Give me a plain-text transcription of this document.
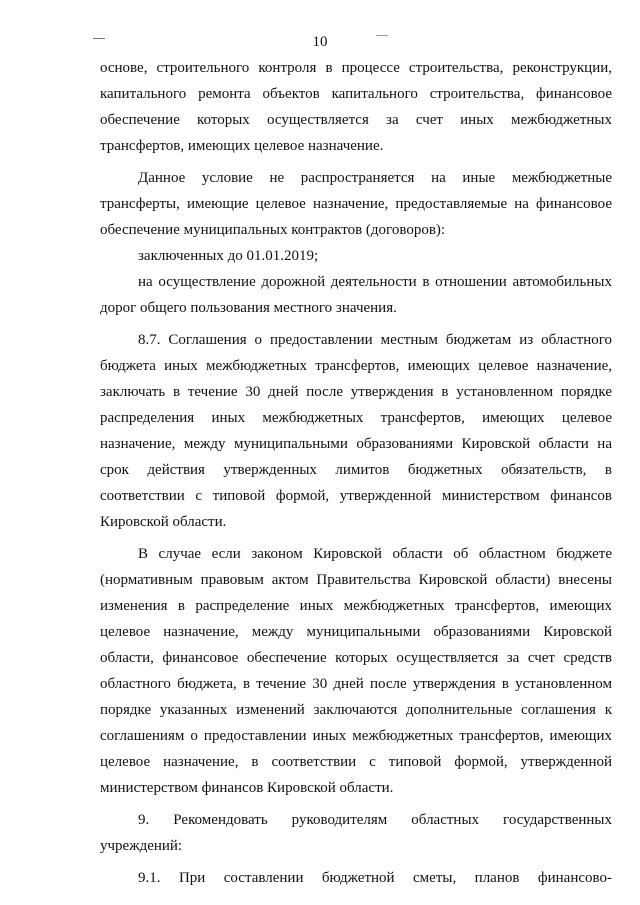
10

основе, строительного контроля в процессе строительства, реконструкции, капитального ремонта объектов капитального строительства, финансовое обеспечение которых осуществляется за счет иных межбюджетных трансфертов, имеющих целевое назначение.

Данное условие не распространяется на иные межбюджетные трансферты, имеющие целевое назначение, предоставляемые на финансовое обеспечение муниципальных контрактов (договоров):

заключенных до 01.01.2019;

на осуществление дорожной деятельности в отношении автомобильных дорог общего пользования местного значения.

8.7. Соглашения о предоставлении местным бюджетам из областного бюджета иных межбюджетных трансфертов, имеющих целевое назначение, заключать в течение 30 дней после утверждения в установленном порядке распределения иных межбюджетных трансфертов, имеющих целевое назначение, между муниципальными образованиями Кировской области на срок действия утвержденных лимитов бюджетных обязательств, в соответствии с типовой формой, утвержденной министерством финансов Кировской области.

В случае если законом Кировской области об областном бюджете (нормативным правовым актом Правительства Кировской области) внесены изменения в распределение иных межбюджетных трансфертов, имеющих целевое назначение, между муниципальными образованиями Кировской области, финансовое обеспечение которых осуществляется за счет средств областного бюджета, в течение 30 дней после утверждения в установленном порядке указанных изменений заключаются дополнительные соглашения к соглашениям о предоставлении иных межбюджетных трансфертов, имеющих целевое назначение, в соответствии с типовой формой, утвержденной министерством финансов Кировской области.

9. Рекомендовать руководителям областных государственных учреждений:

9.1. При составлении бюджетной сметы, планов финансово-
